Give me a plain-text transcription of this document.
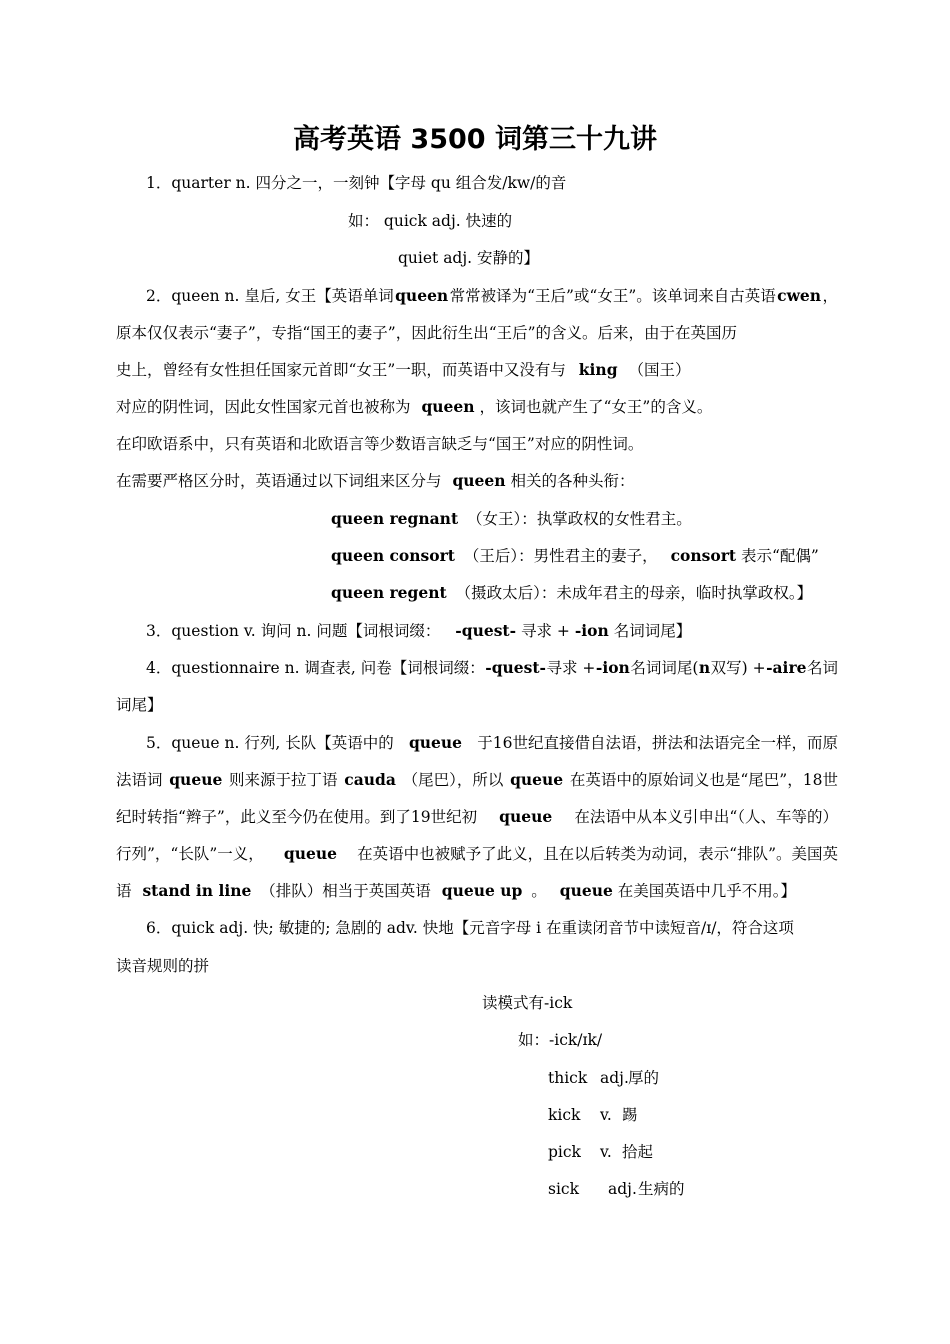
高考英语 3500 词第三十九讲
1．quarter n. 四分之一，一刻钟【字母 qu 组合发/kw/的音
如： quick adj. 快速的
quiet adj. 安静的】
2．queen n. 皇后, 女王【英语单词 queen 常常被译为“王后”或“女王”。该单词来自古英语 cwen ，
原本仅仅表示“妻子”，专指“国王的妻子”，因此衍生出“王后”的含义。后来，由于在英国历
史上，曾经有女性担任国家元首即“女王”一职，而英语中又没有与 king （国王）
对应的阴性词，因此女性国家元首也被称为 queen ，该词也就产生了“女王”的含义。
在印欧语系中，只有英语和北欧语言等少数语言缺乏与“国王”对应的阴性词。
在需要严格区分时，英语通过以下词组来区分与 queen 相关的各种头衔：
queen regnant （女王）：执掌政权的女性君主。
queen consort （王后）：男性君主的妻子， consort 表示“配偶”
queen regent （摄政太后）：未成年君主的母亲，临时执掌政权。】
3．question v. 询问 n. 问题【词根词缀： -quest- 寻求 + -ion 名词词尾】
4．questionnaire n. 调查表, 问卷【词根词缀： -quest- 寻求 + -ion 名词词尾( n 双写) + -aire 名词
词尾】
5．queue n. 行列, 长队【英语中的 queue 于16世纪直接借自法语，拼法和法语完全一样，而原
法语词 queue 则来源于拉丁语 cauda （尾巴），所以 queue 在英语中的原始词义也是“尾巴”，18世
纪时转指“辫子”，此义至今仍在使用。到了19世纪初 queue 在法语中从本义引申出“（人、车等的）
行列”，“长队”一义， queue 在英语中也被赋予了此义，且在以后转类为动词，表示“排队”。美国英
语 stand in line （排队）相当于英国英语 queue up 。 queue 在美国英语中几乎不用。】
6．quick adj. 快; 敏捷的; 急剧的 adv. 快地【元音字母 i 在重读闭音节中读短音/ɪ/，符合这项
读音规则的拼
读模式有-ick
如：-ick/ɪk/
thick adj.厚的
kick v. 踢
pick v. 拾起
sick adj.生病的
